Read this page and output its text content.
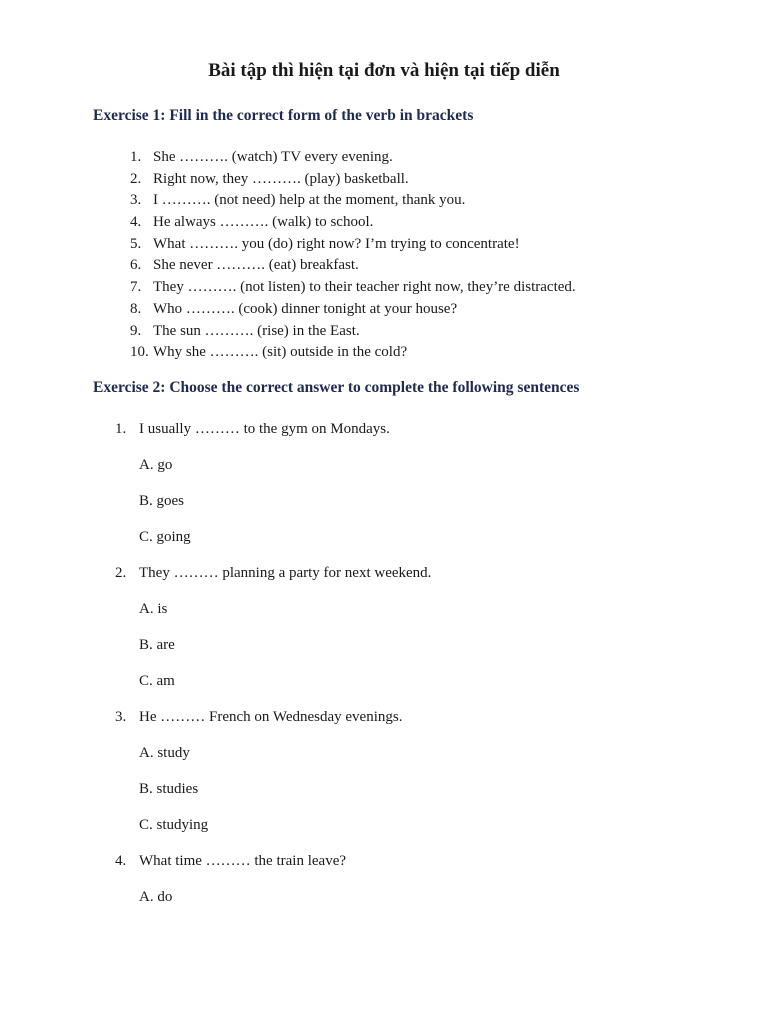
Bài tập thì hiện tại đơn và hiện tại tiếp diễn
Exercise 1: Fill in the correct form of the verb in brackets
1. She ………. (watch) TV every evening.
2. Right now, they ………. (play) basketball.
3. I ………. (not need) help at the moment, thank you.
4. He always ………. (walk) to school.
5. What ………. you (do) right now? I’m trying to concentrate!
6. She never ………. (eat) breakfast.
7. They ………. (not listen) to their teacher right now, they’re distracted.
8. Who ………. (cook) dinner tonight at your house?
9. The sun ………. (rise) in the East.
10. Why she ………. (sit) outside in the cold?
Exercise 2: Choose the correct answer to complete the following sentences
1. I usually ……… to the gym on Mondays.
A. go
B. goes
C. going
2. They ……… planning a party for next weekend.
A. is
B. are
C. am
3. He ……… French on Wednesday evenings.
A. study
B. studies
C. studying
4. What time ……… the train leave?
A. do
